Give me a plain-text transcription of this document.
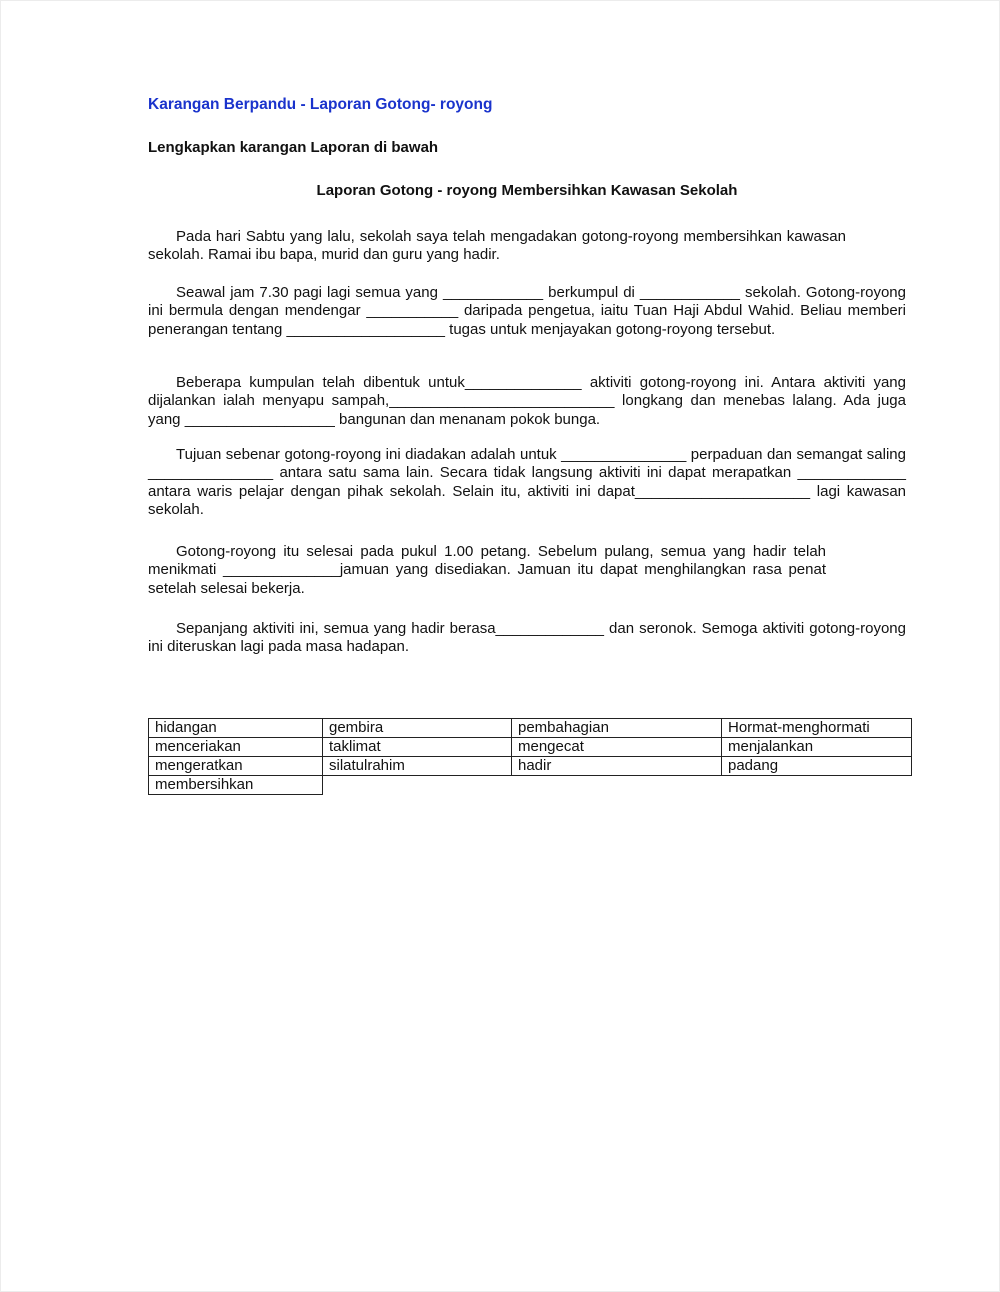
Karangan Berpandu - Laporan Gotong- royong
Lengkapkan karangan Laporan di bawah
Laporan Gotong - royong Membersihkan Kawasan Sekolah

Pada hari Sabtu yang lalu, sekolah saya telah mengadakan gotong-royong membersihkan kawasan sekolah. Ramai ibu bapa, murid dan guru yang hadir.

Seawal jam 7.30 pagi lagi semua yang ____________ berkumpul di ____________ sekolah. Gotong-royong ini bermula dengan mendengar ___________ daripada pengetua, iaitu Tuan Haji Abdul Wahid. Beliau memberi penerangan tentang ___________________ tugas untuk menjayakan gotong-royong tersebut.

Beberapa kumpulan telah dibentuk untuk______________ aktiviti gotong-royong ini. Antara aktiviti yang dijalankan ialah menyapu sampah,___________________________ longkang dan menebas lalang. Ada juga yang __________________ bangunan dan menanam pokok bunga.

Tujuan sebenar gotong-royong ini diadakan adalah untuk _______________ perpaduan dan semangat saling _______________ antara satu sama lain. Secara tidak langsung aktiviti ini dapat merapatkan _____________ antara waris pelajar dengan pihak sekolah. Selain itu, aktiviti ini dapat_____________________ lagi kawasan sekolah.

Gotong-royong itu selesai pada pukul 1.00 petang. Sebelum pulang, semua yang hadir telah menikmati ______________jamuan yang disediakan. Jamuan itu dapat menghilangkan rasa penat setelah selesai bekerja.

Sepanjang aktiviti ini, semua yang hadir berasa_____________ dan seronok. Semoga aktiviti gotong-royong ini diteruskan lagi pada masa hadapan.

hidangan	gembira	pembahagian	Hormat-menghormati
menceriakan	taklimat	mengecat	menjalankan
mengeratkan	silatulrahim	hadir	padang
membersihkan			
